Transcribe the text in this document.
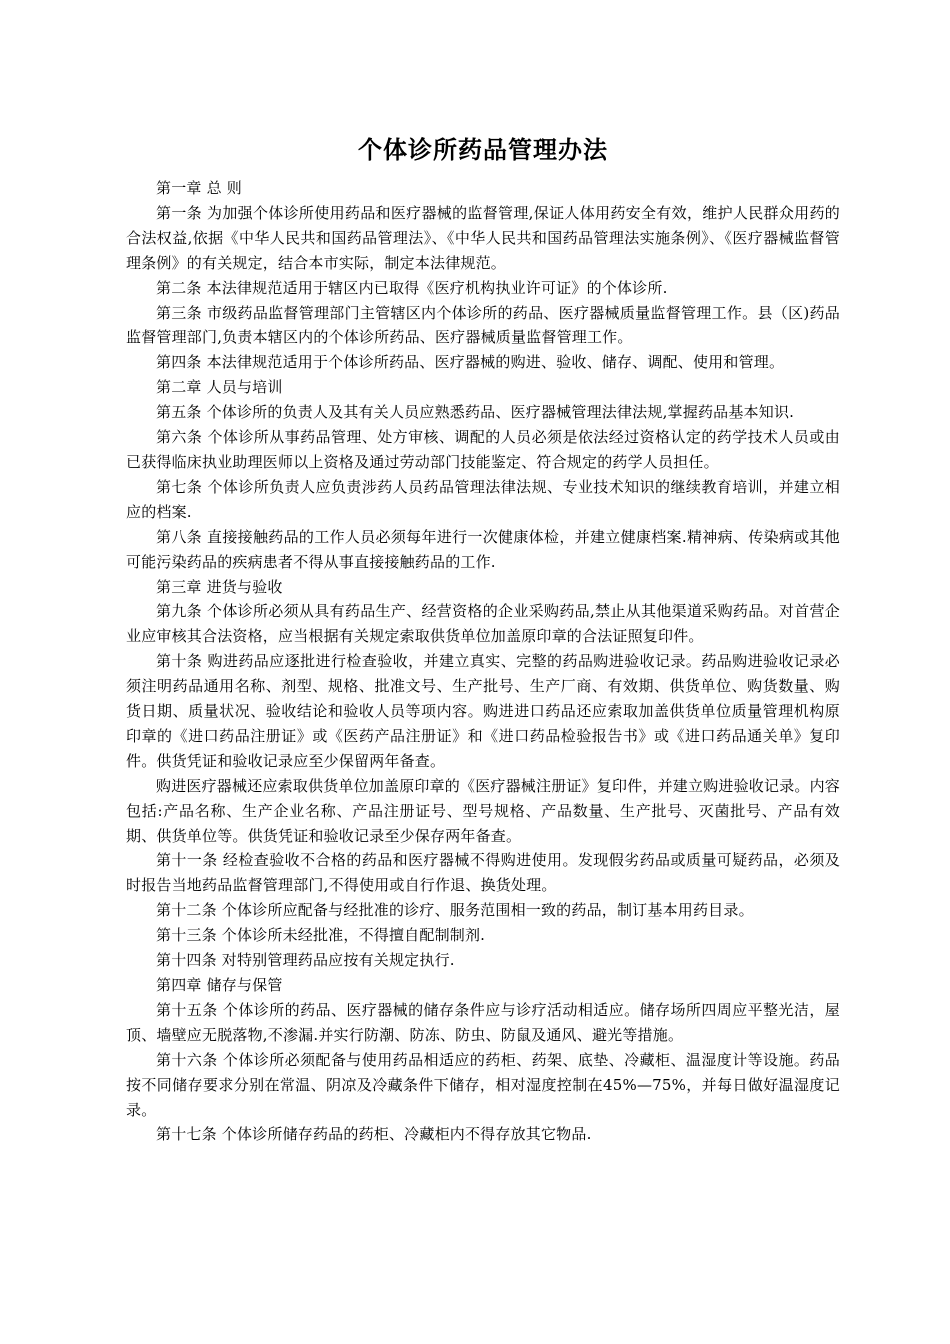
个体诊所药品管理办法

第一章 总 则

第一条 为加强个体诊所使用药品和医疗器械的监督管理,保证人体用药安全有效，维护人民群众用药的合法权益,依据《中华人民共和国药品管理法》、《中华人民共和国药品管理法实施条例》、《医疗器械监督管理条例》的有关规定，结合本市实际，制定本法律规范。

第二条 本法律规范适用于辖区内已取得《医疗机构执业许可证》的个体诊所.

第三条 市级药品监督管理部门主管辖区内个体诊所的药品、医疗器械质量监督管理工作。县（区)药品监督管理部门,负责本辖区内的个体诊所药品、医疗器械质量监督管理工作。

第四条 本法律规范适用于个体诊所药品、医疗器械的购进、验收、储存、调配、使用和管理。

第二章 人员与培训

第五条 个体诊所的负责人及其有关人员应熟悉药品、医疗器械管理法律法规,掌握药品基本知识.

第六条 个体诊所从事药品管理、处方审核、调配的人员必须是依法经过资格认定的药学技术人员或由已获得临床执业助理医师以上资格及通过劳动部门技能鉴定、符合规定的药学人员担任。

第七条 个体诊所负责人应负责涉药人员药品管理法律法规、专业技术知识的继续教育培训，并建立相应的档案.

第八条 直接接触药品的工作人员必须每年进行一次健康体检，并建立健康档案.精神病、传染病或其他可能污染药品的疾病患者不得从事直接接触药品的工作.

第三章 进货与验收

第九条 个体诊所必须从具有药品生产、经营资格的企业采购药品,禁止从其他渠道采购药品。对首营企业应审核其合法资格，应当根据有关规定索取供货单位加盖原印章的合法证照复印件。

第十条 购进药品应逐批进行检查验收，并建立真实、完整的药品购进验收记录。药品购进验收记录必须注明药品通用名称、剂型、规格、批准文号、生产批号、生产厂商、有效期、供货单位、购货数量、购货日期、质量状况、验收结论和验收人员等项内容。购进进口药品还应索取加盖供货单位质量管理机构原印章的《进口药品注册证》或《医药产品注册证》和《进口药品检验报告书》或《进口药品通关单》复印件。供货凭证和验收记录应至少保留两年备查。

购进医疗器械还应索取供货单位加盖原印章的《医疗器械注册证》复印件，并建立购进验收记录。内容包括:产品名称、生产企业名称、产品注册证号、型号规格、产品数量、生产批号、灭菌批号、产品有效期、供货单位等。供货凭证和验收记录至少保存两年备查。

第十一条 经检查验收不合格的药品和医疗器械不得购进使用。发现假劣药品或质量可疑药品，必须及时报告当地药品监督管理部门,不得使用或自行作退、换货处理。

第十二条 个体诊所应配备与经批准的诊疗、服务范围相一致的药品，制订基本用药目录。

第十三条 个体诊所未经批准，不得擅自配制制剂.

第十四条 对特别管理药品应按有关规定执行.

第四章 储存与保管

第十五条 个体诊所的药品、医疗器械的储存条件应与诊疗活动相适应。储存场所四周应平整光洁，屋顶、墙壁应无脱落物,不渗漏.并实行防潮、防冻、防虫、防鼠及通风、避光等措施。

第十六条 个体诊所必须配备与使用药品相适应的药柜、药架、底垫、冷藏柜、温湿度计等设施。药品按不同储存要求分别在常温、阴凉及冷藏条件下储存，相对湿度控制在45%—75%，并每日做好温湿度记录。

第十七条 个体诊所储存药品的药柜、冷藏柜内不得存放其它物品.
